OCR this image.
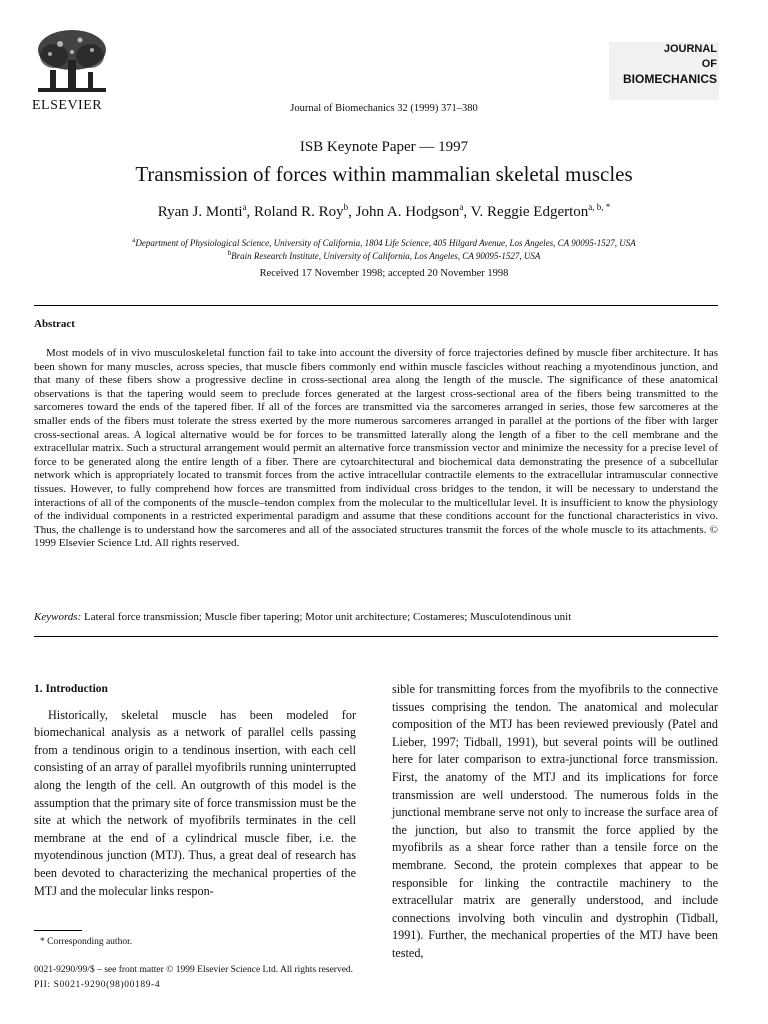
ELSEVIER	Journal of Biomechanics 32 (1999) 371–380
JOURNAL
OF
BIOMECHANICS
ISB Keynote Paper — 1997
Transmission of forces within mammalian skeletal muscles
Ryan J. Monti$^a$, Roland R. Roy$^b$, John A. Hodgson$^a$, V. Reggie Edgerton$^{a, b, *}$
$^a$Department of Physiological Science, University of California, 1804 Life Science, 405 Hilgard Avenue, Los Angeles, CA 90095-1527, USA
$^b$Brain Research Institute, University of California, Los Angeles, CA 90095-1527, USA
Received 17 November 1998; accepted 20 November 1998
Abstract
Most models of in vivo musculoskeletal function fail to take into account the diversity of force trajectories defined by muscle fiber architecture. It has been shown for many muscles, across species, that muscle fibers commonly end within muscle fascicles without reaching a myotendinous junction, and that many of these fibers show a progressive decline in cross-sectional area along the length of the muscle. The significance of these anatomical observations is that the tapering would seem to preclude forces generated at the largest cross-sectional area of the fibers being transmitted to the sarcomeres toward the ends of the tapered fiber. If all of the forces are transmitted via the sarcomeres arranged in series, those few sarcomeres at the smaller ends of the fibers must tolerate the stress exerted by the more numerous sarcomeres arranged in parallel at the portions of the fiber with larger cross-sectional areas. A logical alternative would be for forces to be transmitted laterally along the length of a fiber to the cell membrane and the extracellular matrix. Such a structural arrangement would permit an alternative force transmission vector and minimize the necessity for a precise level of force to be generated along the entire length of a fiber. There are cytoarchitectural and biochemical data demonstrating the presence of a subcellular network which is appropriately located to transmit forces from the active intracellular contractile elements to the extracellular intramuscular connective tissues. However, to fully comprehend how forces are transmitted from individual cross bridges to the tendon, it will be necessary to understand the interactions of all of the components of the muscle–tendon complex from the molecular to the multicellular level. It is insufficient to know the physiology of the individual components in a restricted experimental paradigm and assume that these conditions account for the functional characteristics in vivo. Thus, the challenge is to understand how the sarcomeres and all of the associated structures transmit the forces of the whole muscle to its attachments. © 1999 Elsevier Science Ltd. All rights reserved.
Keywords: Lateral force transmission; Muscle fiber tapering; Motor unit architecture; Costameres; Musculotendinous unit
1. Introduction
Historically, skeletal muscle has been modeled for biomechanical analysis as a network of parallel cells passing from a tendinous origin to a tendinous insertion, with each cell consisting of an array of parallel myofibrils running uninterrupted along the length of the cell. An outgrowth of this model is the assumption that the primary site of force transmission must be the site at which the network of myofibrils terminates in the cell membrane at the end of a cylindrical muscle fiber, i.e. the myotendinous junction (MTJ). Thus, a great deal of research has been devoted to characterizing the mechanical properties of the MTJ and the molecular links respon-
sible for transmitting forces from the myofibrils to the connective tissues comprising the tendon. The anatomical and molecular composition of the MTJ has been reviewed previously (Patel and Lieber, 1997; Tidball, 1991), but several points will be outlined here for later comparison to extra-junctional force transmission. First, the anatomy of the MTJ and its implications for force transmission are well understood. The numerous folds in the junctional membrane serve not only to increase the surface area of the junction, but also to transmit the force applied by the myofibrils as a shear force rather than a tensile force on the membrane. Second, the protein complexes that appear to be responsible for linking the contractile machinery to the extracellular matrix are generally understood, and include connections involving both vinculin and dystrophin (Tidball, 1991). Further, the mechanical properties of the MTJ have been tested,
* Corresponding author.
0021-9290/99/$ – see front matter © 1999 Elsevier Science Ltd. All rights reserved.
PII: S0021-9290(98)00189-4
